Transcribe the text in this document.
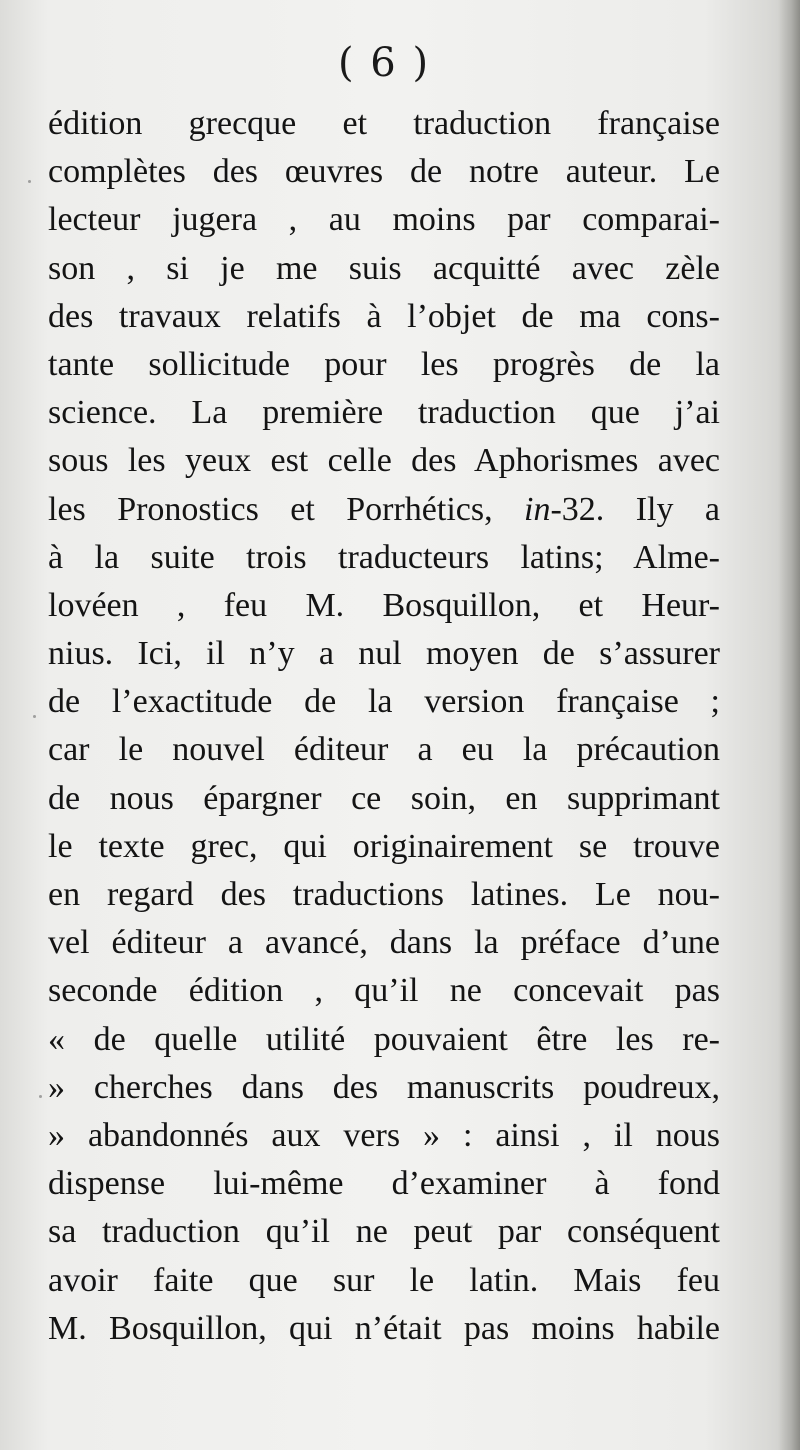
( 6 )
édition grecque et traduction française
complètes des œuvres de notre auteur. Le
lecteur jugera , au moins par comparai-
son , si je me suis acquitté avec zèle
des travaux relatifs à l’objet de ma cons-
tante sollicitude pour les progrès de la
science. La première traduction que j’ai
sous les yeux est celle des Aphorismes avec
les Pronostics et Porrhétics, in-32. Ily a
à la suite trois traducteurs latins; Alme-
lovéen , feu M. Bosquillon, et Heur-
nius. Ici, il n’y a nul moyen de s’assurer
de l’exactitude de la version française ;
car le nouvel éditeur a eu la précaution
de nous épargner ce soin, en supprimant
le texte grec, qui originairement se trouve
en regard des traductions latines. Le nou-
vel éditeur a avancé, dans la préface d’une
seconde édition , qu’il ne concevait pas
« de quelle utilité pouvaient être les re-
» cherches dans des manuscrits poudreux,
» abandonnés aux vers » : ainsi , il nous
dispense lui-même d’examiner à fond
sa traduction qu’il ne peut par conséquent
avoir faite que sur le latin. Mais feu
M. Bosquillon, qui n’était pas moins habile
